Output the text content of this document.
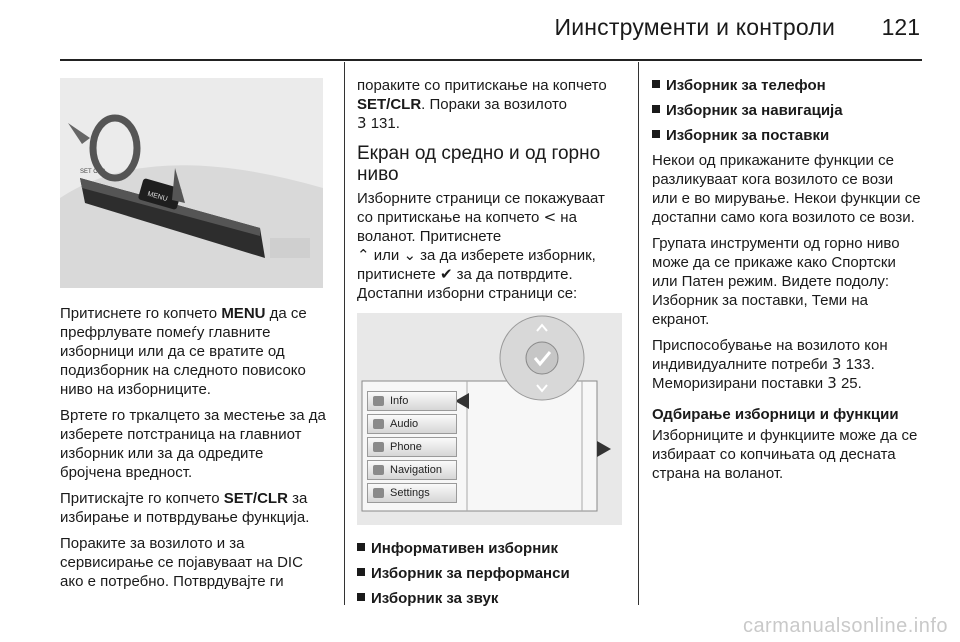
Иинструменти и контроли 121
MENU
SET CLR

Притиснете го копчето MENU да се префрлувате помеѓу главните изборници или да се вратите од подизборник на следното повисоко ниво на изборниците.

Вртете го тркалцето за местење за да изберете потстраница на главниот изборник или за да одредите бројчена вредност.

Притискајте го копчето SET/CLR за избирање и потврдување функција.

Пораките за возилото и за сервисирање се појавуваат на DIC ако е потребно. Потврдувајте ги

пораките со притискање на копчето SET/CLR. Пораки за возилото
3 131.

Екран од средно и од горно ниво

Изборните страници се покажуваат со притискање на копчето < на воланот. Притиснете

⌃ или ⌄ за да изберете изборник, притиснете ✔ за да потврдите.

Достапни изборни страници се:

Info
Audio
Phone
Navigation
Settings
Информативен изборник
Изборник за перформанси
Изборник за звук
Изборник за телефон
Изборник за навигација
Изборник за поставки

Некои од прикажаните функции се разликуваат кога возилото се вози или е во мирување. Некои функции се достапни само кога возилото се вози.

Групата инструменти од горно ниво може да се прикаже како Спортски или Патен режим. Видете подолу: Изборник за поставки, Теми на екранот.

Приспособување на возилото кон индивидуалните потреби 3 133.

Меморизирани поставки 3 25.

Одбирање изборници и функции

Изборниците и функциите може да се избираат со копчињата од десната страна на воланот.

carmanualsonline.info
